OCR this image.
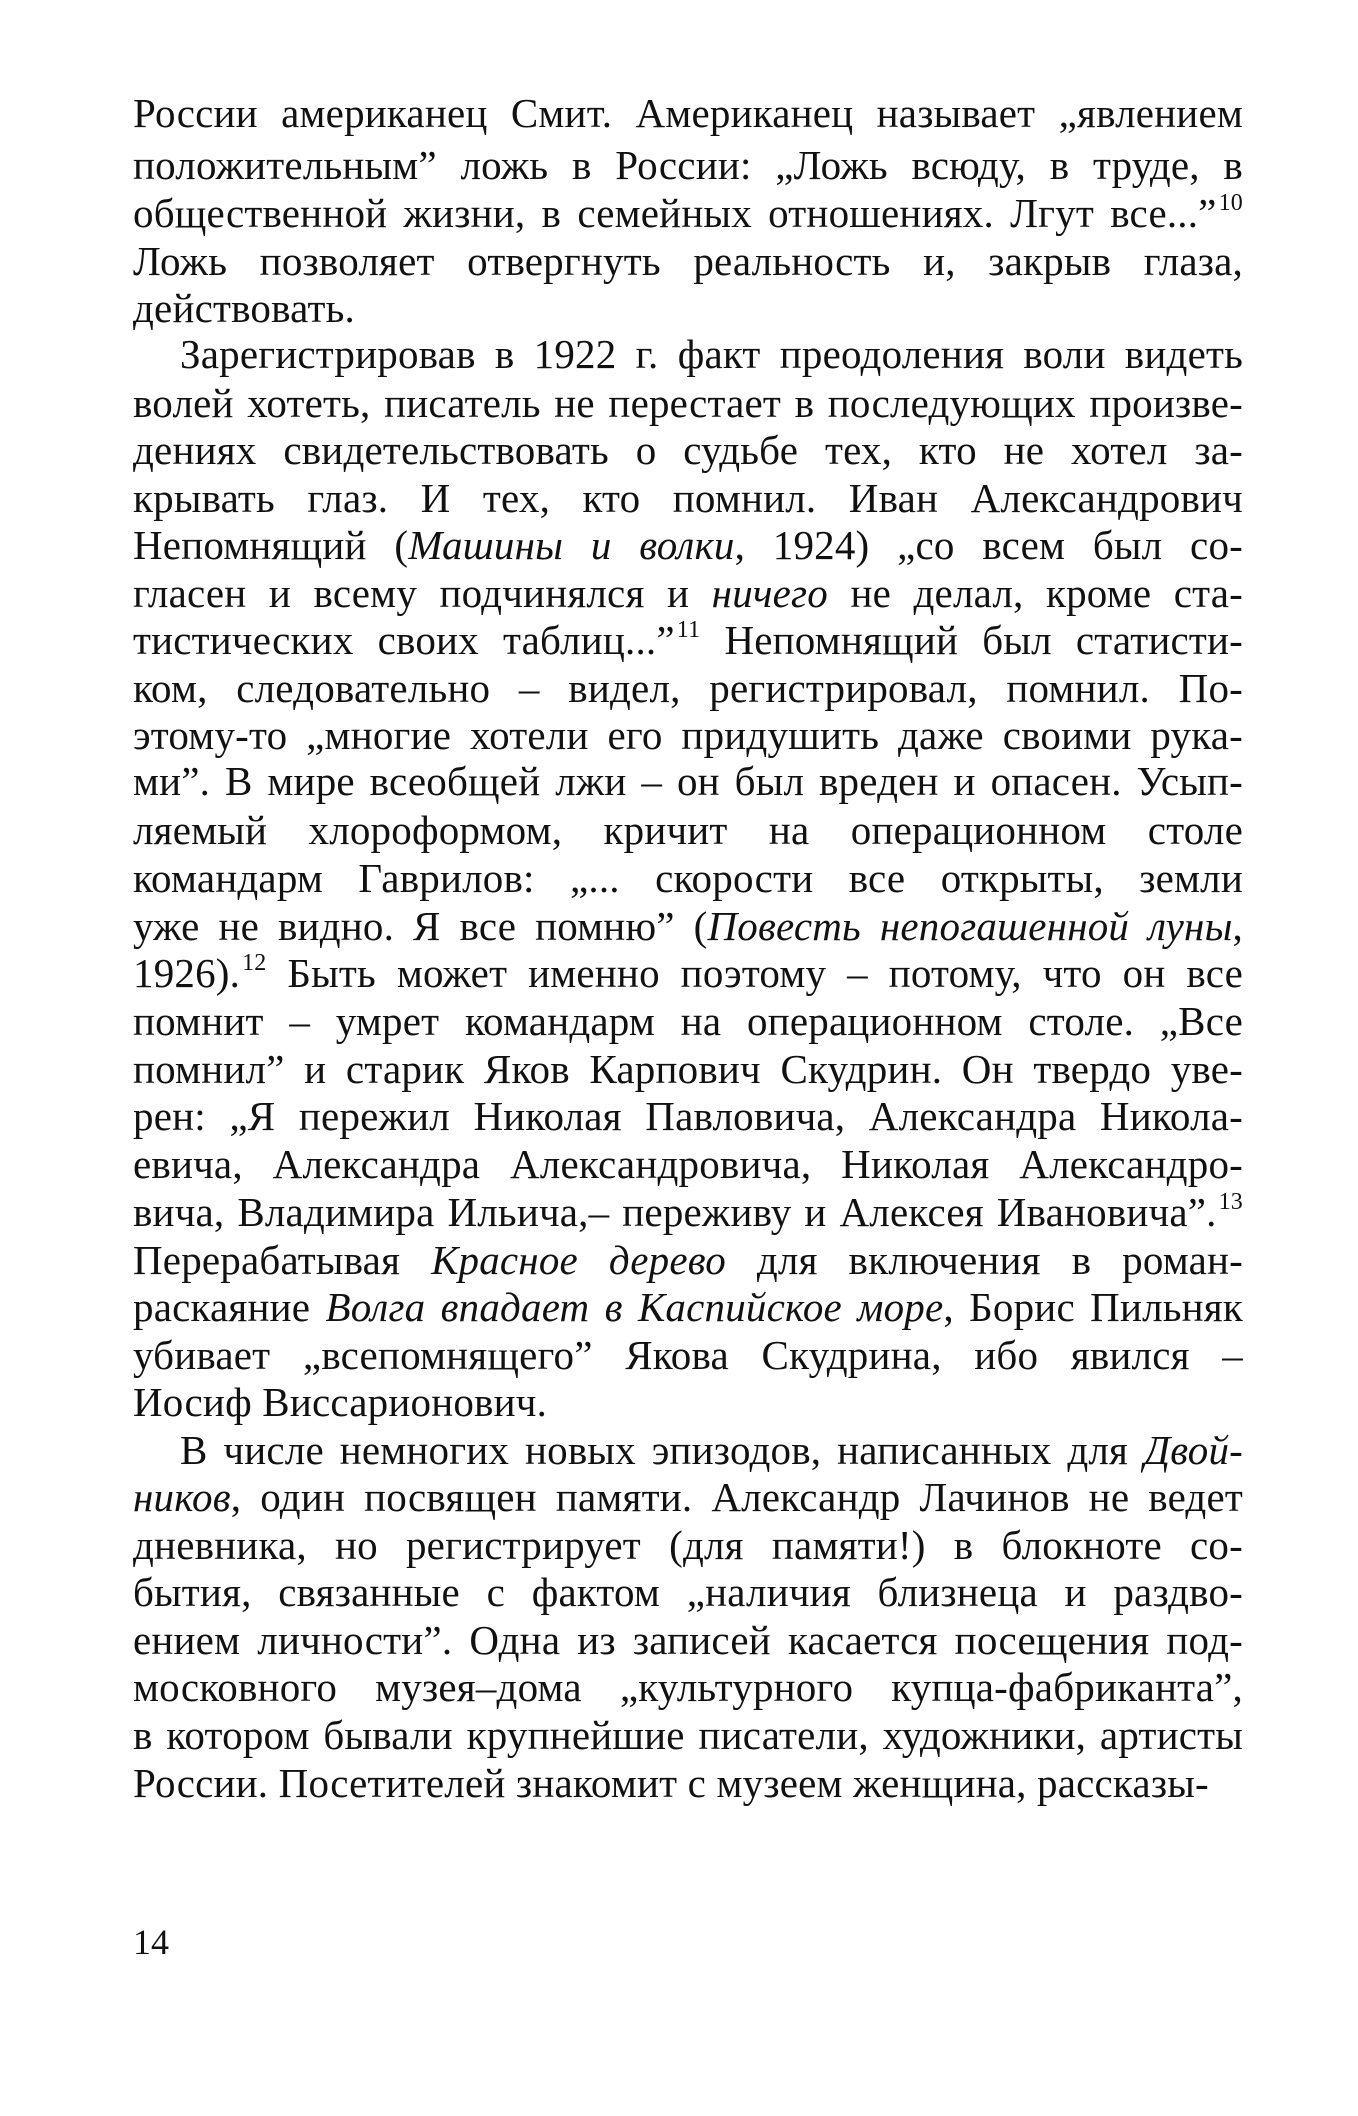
России американец Смит. Американец называет „явлением

положительным” ложь в России: „Ложь всюду, в труде, в

общественной жизни, в семейных отношениях. Лгут все...”$^{10}$

Ложь позволяет отвергнуть реальность и, закрыв глаза,

действовать.

Зарегистрировав в 1922 г. факт преодоления воли видеть

волей хотеть, писатель не перестает в последующих произве-

дениях свидетельствовать о судьбе тех, кто не хотел за-

крывать глаз. И тех, кто помнил. Иван Александрович

Непомнящий (Машины и волки, 1924) „со всем был со-

гласен и всему подчинялся и ничего не делал, кроме ста-

тистических своих таблиц...”$^{11}$ Непомнящий был статисти-

ком, следовательно – видел, регистрировал, помнил. По-

этому-то „многие хотели его придушить даже своими рука-

ми”. В мире всеобщей лжи – он был вреден и опасен. Усып-

ляемый хлороформом, кричит на операционном столе

командарм Гаврилов: „... скорости все открыты, земли

уже не видно. Я все помню” (Повесть непогашенной луны,

1926).$^{12}$ Быть может именно поэтому – потому, что он все

помнит – умрет командарм на операционном столе. „Все

помнил” и старик Яков Карпович Скудрин. Он твердо уве-

рен: „Я пережил Николая Павловича, Александра Никола-

евича, Александра Александровича, Николая Александро-

вича, Владимира Ильича,– переживу и Алексея Ивановича”.$^{13}$

Перерабатывая Красное дерево для включения в роман-

раскаяние Волга впадает в Каспийское море, Борис Пильняк

убивает „всепомнящего” Якова Скудрина, ибо явился –

Иосиф Виссарионович.

В числе немногих новых эпизодов, написанных для Двой-

ников, один посвящен памяти. Александр Лачинов не ведет

дневника, но регистрирует (для памяти!) в блокноте со-

бытия, связанные с фактом „наличия близнеца и раздво-

ением личности”. Одна из записей касается посещения под-

московного музея–дома „культурного купца-фабриканта”,

в котором бывали крупнейшие писатели, художники, артисты

России. Посетителей знакомит с музеем женщина, рассказы-

14
